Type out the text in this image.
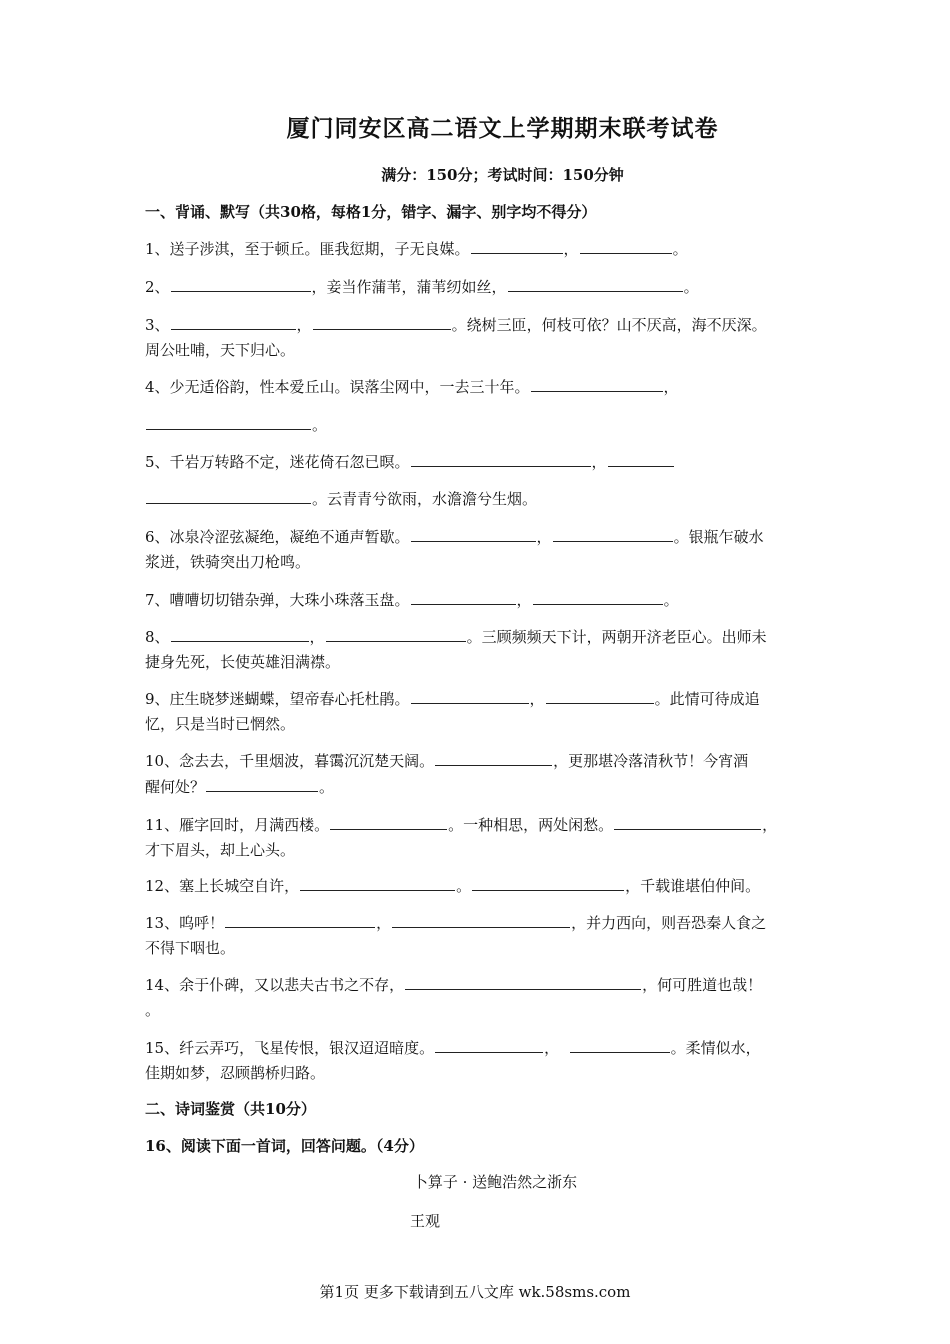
厦门同安区高二语文上学期期末联考试卷
满分：150分；考试时间：150分钟
一、背诵、默写（共30格，每格1分，错字、漏字、别字均不得分）
1、送子涉淇，至于顿丘。匪我愆期，子无良媒。	，	。
2、	，妾当作蒲苇，蒲苇纫如丝，	。
3、	，	。绕树三匝，何枝可依？山不厌高，海不厌深。
周公吐哺，天下归心。
4、少无适俗韵，性本爱丘山。误落尘网中，一去三十年。	，
。
5、千岩万转路不定，迷花倚石忽已暝。	，
。云青青兮欲雨，水澹澹兮生烟。
6、冰泉冷涩弦凝绝，凝绝不通声暂歇。	，	。银瓶乍破水
浆迸，铁骑突出刀枪鸣。
7、嘈嘈切切错杂弹，大珠小珠落玉盘。	，	。
8、	，	。三顾频频天下计，两朝开济老臣心。出师未
捷身先死，长使英雄泪满襟。
9、庄生晓梦迷蝴蝶，望帝春心托杜鹃。	，	。此情可待成追
忆，只是当时已惘然。
10、念去去，千里烟波，暮霭沉沉楚天阔。	，更那堪冷落清秋节！今宵酒
醒何处？	。
11、雁字回时，月满西楼。	。一种相思，两处闲愁。	，
才下眉头，却上心头。
12、塞上长城空自许，	。	，千载谁堪伯仲间。
13、呜呼！	，	，并力西向，则吾恐秦人食之
不得下咽也。
14、余于仆碑，又以悲夫古书之不存，	，何可胜道也哉！
。
15、纤云弄巧，飞星传恨，银汉迢迢暗度。	，	。柔情似水，
佳期如梦，忍顾鹊桥归路。
二、诗词鉴赏（共10分）
16、阅读下面一首词，回答问题。（4分）
卜算子 · 送鲍浩然之浙东
王观
第1页 更多下载请到五八文库 wk.58sms.com
